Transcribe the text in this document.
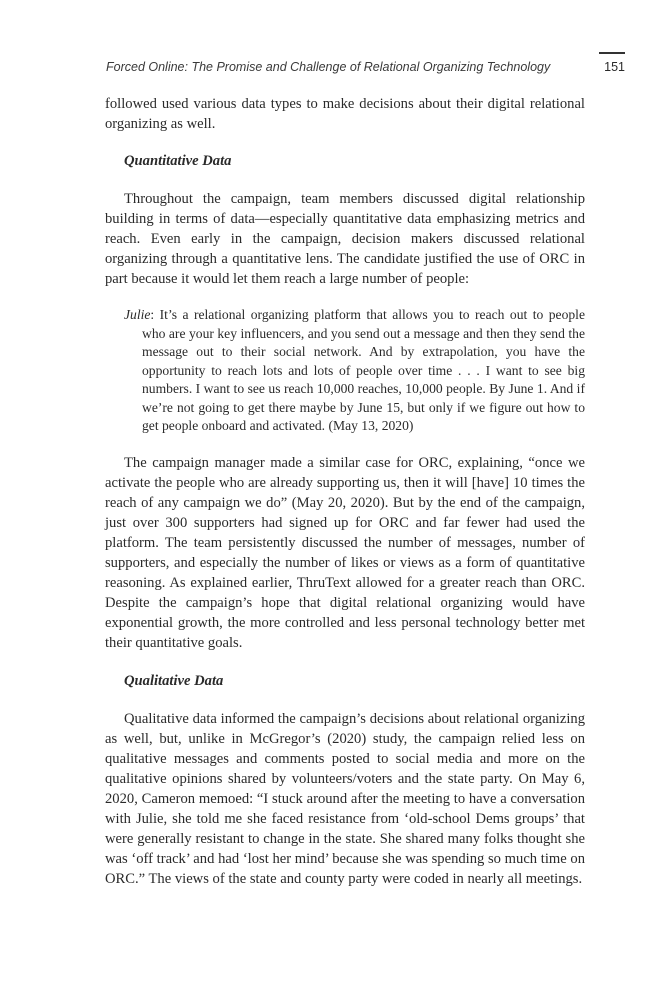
Forced Online: The Promise and Challenge of Relational Organizing Technology	151

followed used various data types to make decisions about their digital relational organizing as well.

Quantitative Data

Throughout the campaign, team members discussed digital relationship building in terms of data—especially quantitative data emphasizing metrics and reach. Even early in the campaign, decision makers discussed relational organizing through a quantitative lens. The candidate justified the use of ORC in part because it would let them reach a large number of people:

Julie: It’s a relational organizing platform that allows you to reach out to people who are your key influencers, and you send out a message and then they send the message out to their social network. And by extrapolation, you have the opportunity to reach lots and lots of people over time . . . I want to see big numbers. I want to see us reach 10,000 reaches, 10,000 people. By June 1. And if we’re not going to get there maybe by June 15, but only if we figure out how to get people onboard and activated. (May 13, 2020)

The campaign manager made a similar case for ORC, explaining, “once we activate the people who are already supporting us, then it will [have] 10 times the reach of any campaign we do” (May 20, 2020). But by the end of the campaign, just over 300 supporters had signed up for ORC and far fewer had used the platform. The team persistently discussed the number of messages, number of supporters, and especially the number of likes or views as a form of quantitative reasoning. As explained earlier, ThruText allowed for a greater reach than ORC. Despite the campaign’s hope that digital relational organizing would have exponential growth, the more controlled and less personal technology better met their quantitative goals.

Qualitative Data

Qualitative data informed the campaign’s decisions about relational organizing as well, but, unlike in McGregor’s (2020) study, the campaign relied less on qualitative messages and comments posted to social media and more on the qualitative opinions shared by volunteers/voters and the state party. On May 6, 2020, Cameron memoed: “I stuck around after the meeting to have a conversation with Julie, she told me she faced resistance from ‘old-school Dems groups’ that were generally resistant to change in the state. She shared many folks thought she was ‘off track’ and had ‘lost her mind’ because she was spending so much time on ORC.” The views of the state and county party were coded in nearly all meetings.
